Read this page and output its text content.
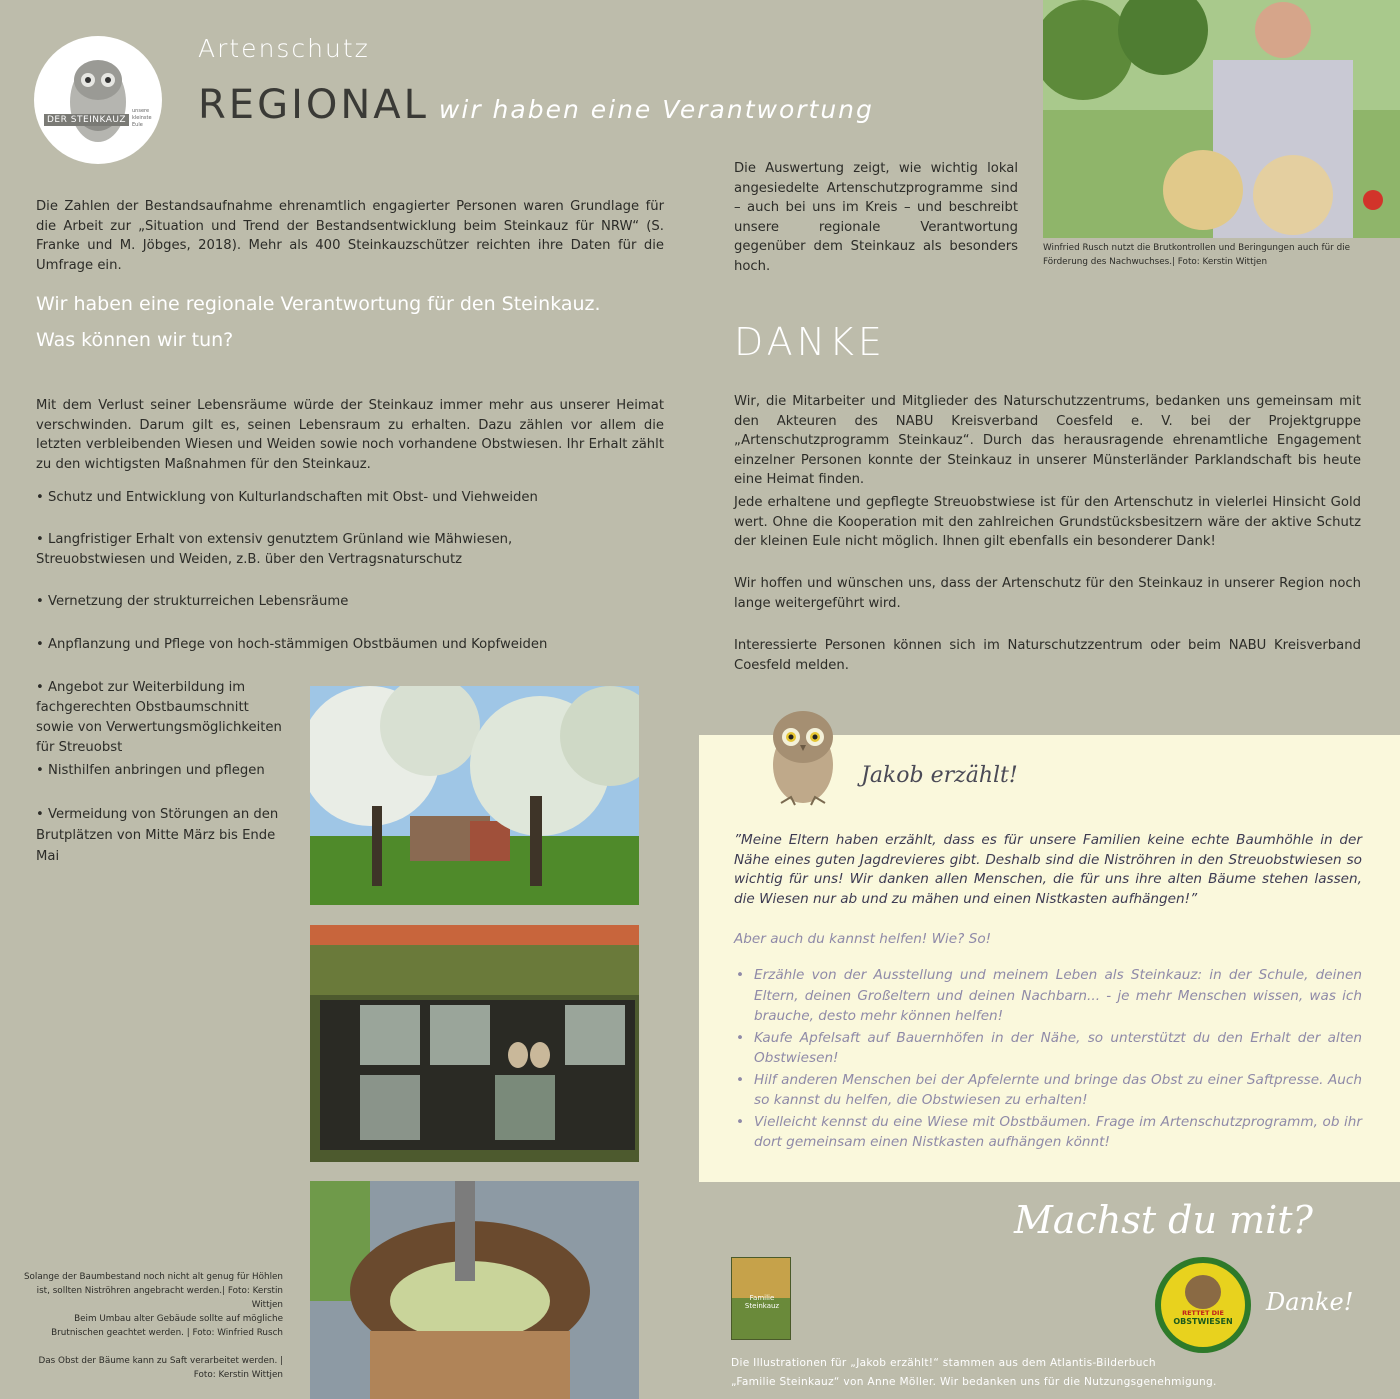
DER STEINKAUZ
unsere kleinste Eule
Artenschutz
REGIONAL wir haben eine Verantwortung
Die Zahlen der Bestandsaufnahme ehrenamtlich engagierter Personen waren Grundlage für die Arbeit zur „Situation und Trend der Bestandsentwicklung beim Steinkauz für NRW“ (S. Franke und M. Jöbges, 2018). Mehr als 400 Steinkauzschützer reichten ihre Daten für die Umfrage ein.
Wir haben eine regionale Verantwortung für den Steinkauz.
Was können wir tun?
Mit dem Verlust seiner Lebensräume würde der Steinkauz immer mehr aus unserer Heimat verschwinden. Darum gilt es, seinen Lebensraum zu erhalten. Dazu zählen vor allem die letzten verbleibenden Wiesen und Weiden sowie noch vorhandene Obstwiesen. Ihr Erhalt zählt zu den wichtigsten Maßnahmen für den Steinkauz.
• Schutz und Entwicklung von Kulturlandschaften mit Obst- und Viehweiden
• Langfristiger Erhalt von extensiv genutztem Grünland wie Mähwiesen, Streuobstwiesen und Weiden, z.B. über den Vertragsnaturschutz
• Vernetzung der strukturreichen Lebensräume
• Anpflanzung und Pflege von hoch-stämmigen Obstbäumen und Kopfweiden
• Angebot zur Weiterbildung im fachgerechten Obstbaumschnitt sowie von Verwertungsmöglichkeiten für Streuobst
• Nisthilfen anbringen und pflegen
• Vermeidung von Störungen an den Brutplätzen von Mitte März bis Ende Mai
Solange der Baumbestand noch nicht alt genug für Höhlen ist, sollten Niströhren angebracht werden.| Foto: Kerstin Wittjen
Beim Umbau alter Gebäude sollte auf mögliche Brutnischen geachtet werden. | Foto: Winfried Rusch
Das Obst der Bäume kann zu Saft verarbeitet werden. | Foto: Kerstin Wittjen
Die Auswertung zeigt, wie wichtig lokal angesiedelte Artenschutzprogramme sind – auch bei uns im Kreis – und beschreibt unsere regionale Verantwortung gegenüber dem Steinkauz als besonders hoch.
Winfried Rusch nutzt die Brutkontrollen und Beringungen auch für die Förderung des Nachwuchses.| Foto: Kerstin Wittjen
DANKE
Wir, die Mitarbeiter und Mitglieder des Naturschutzzentrums, bedanken uns gemeinsam mit den Akteuren des NABU Kreisverband Coesfeld e. V. bei der Projektgruppe „Artenschutzprogramm Steinkauz“. Durch das herausragende ehrenamtliche Engagement einzelner Personen konnte der Steinkauz in unserer Münsterländer Parklandschaft bis heute eine Heimat finden.
Jede erhaltene und gepflegte Streuobstwiese ist für den Artenschutz in vielerlei Hinsicht Gold wert. Ohne die Kooperation mit den zahlreichen Grundstücksbesitzern wäre der aktive Schutz der kleinen Eule nicht möglich. Ihnen gilt ebenfalls ein besonderer Dank!
Wir hoffen und wünschen uns, dass der Artenschutz für den Steinkauz in unserer Region noch lange weitergeführt wird.
Interessierte Personen können sich im Naturschutzzentrum oder beim NABU Kreisverband Coesfeld melden.
Jakob erzählt!
”Meine Eltern haben erzählt, dass es für unsere Familien keine echte Baumhöhle in der Nähe eines guten Jagdrevieres gibt. Deshalb sind die Niströhren in den Streuobstwiesen so wichtig für uns! Wir danken allen Menschen, die für uns ihre alten Bäume stehen lassen, die Wiesen nur ab und zu mähen und einen Nistkasten aufhängen!”
Aber auch du kannst helfen! Wie? So!
• Erzähle von der Ausstellung und meinem Leben als Steinkauz: in der Schule, deinen Eltern, deinen Großeltern und deinen Nachbarn... - je mehr Menschen wissen, was ich brauche, desto mehr können helfen!
• Kaufe Apfelsaft auf Bauernhöfen in der Nähe, so unterstützt du den Erhalt der alten Obstwiesen!
• Hilf anderen Menschen bei der Apfelernte und bringe das Obst zu einer Saftpresse. Auch so kannst du helfen, die Obstwiesen zu erhalten!
• Vielleicht kennst du eine Wiese mit Obstbäumen. Frage im Artenschutzprogramm, ob ihr dort gemeinsam einen Nistkasten aufhängen könnt!
Machst du mit?
Familie Steinkauz
RETTET DIE
OBSTWIESEN
Danke!
Die Illustrationen für „Jakob erzählt!“ stammen aus dem Atlantis-Bilderbuch
„Familie Steinkauz“ von Anne Möller. Wir bedanken uns für die Nutzungsgenehmigung.
